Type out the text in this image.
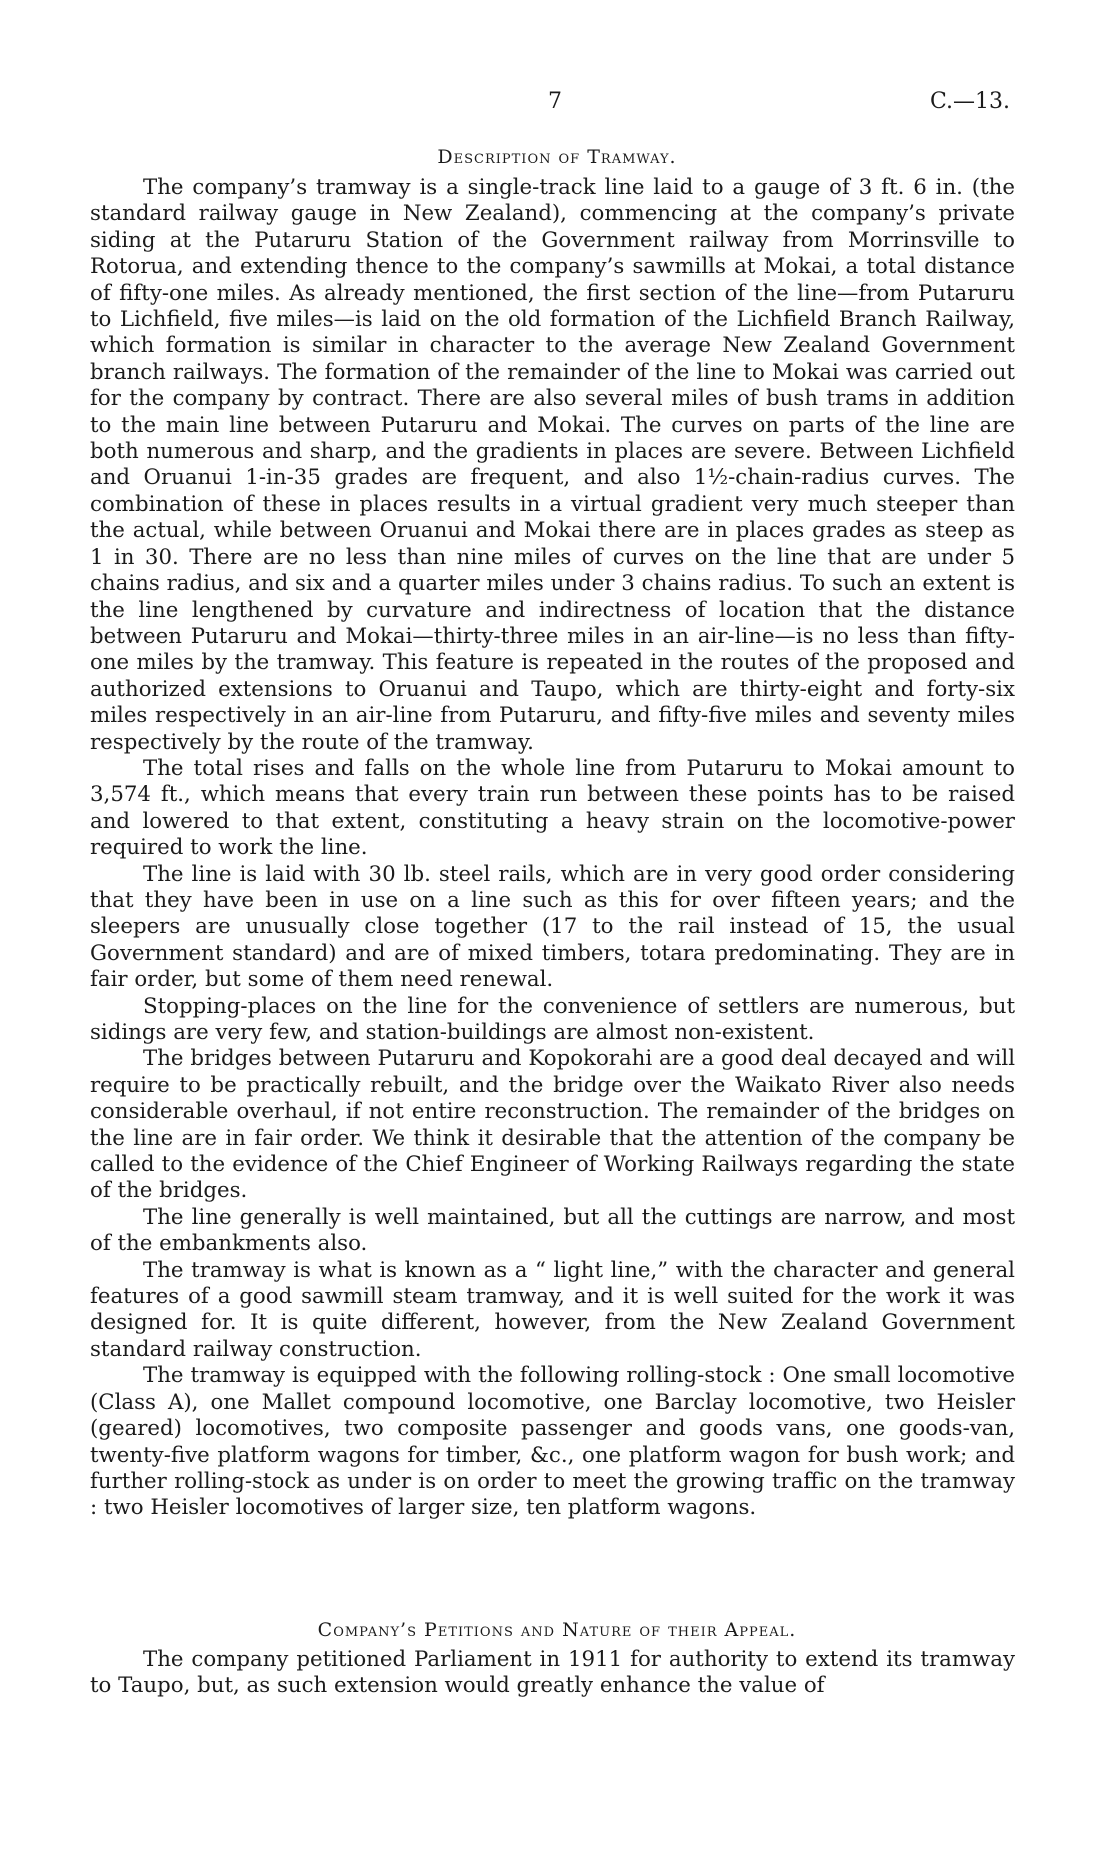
7	C.—13.
Description of Tramway.

The company’s tramway is a single-track line laid to a gauge of 3 ft. 6 in. (the standard railway gauge in New Zealand), commencing at the company’s private siding at the Putaruru Station of the Government railway from Morrinsville to Rotorua, and extending thence to the company’s sawmills at Mokai, a total distance of fifty-one miles. As already mentioned, the first section of the line—from Putaruru to Lichfield, five miles—is laid on the old formation of the Lichfield Branch Railway, which formation is similar in character to the average New Zealand Government branch railways. The formation of the remainder of the line to Mokai was carried out for the company by contract. There are also several miles of bush trams in addition to the main line between Putaruru and Mokai. The curves on parts of the line are both numerous and sharp, and the gradients in places are severe. Between Lichfield and Oruanui 1-in-35 grades are frequent, and also 1½-chain-radius curves. The combination of these in places results in a virtual gradient very much steeper than the actual, while between Oruanui and Mokai there are in places grades as steep as 1 in 30. There are no less than nine miles of curves on the line that are under 5 chains radius, and six and a quarter miles under 3 chains radius. To such an extent is the line lengthened by curvature and indirectness of location that the distance between Putaruru and Mokai—thirty-three miles in an air-line—is no less than fifty-one miles by the tramway. This feature is repeated in the routes of the proposed and authorized extensions to Oruanui and Taupo, which are thirty-eight and forty-six miles respectively in an air-line from Putaruru, and fifty-five miles and seventy miles respectively by the route of the tramway.

The total rises and falls on the whole line from Putaruru to Mokai amount to 3,574 ft., which means that every train run between these points has to be raised and lowered to that extent, constituting a heavy strain on the locomotive-power required to work the line.

The line is laid with 30 lb. steel rails, which are in very good order considering that they have been in use on a line such as this for over fifteen years; and the sleepers are unusually close together (17 to the rail instead of 15, the usual Government standard) and are of mixed timbers, totara predominating. They are in fair order, but some of them need renewal.

Stopping-places on the line for the convenience of settlers are numerous, but sidings are very few, and station-buildings are almost non-existent.

The bridges between Putaruru and Kopokorahi are a good deal decayed and will require to be practically rebuilt, and the bridge over the Waikato River also needs considerable overhaul, if not entire reconstruction. The remainder of the bridges on the line are in fair order. We think it desirable that the attention of the company be called to the evidence of the Chief Engineer of Working Railways regarding the state of the bridges.

The line generally is well maintained, but all the cuttings are narrow, and most of the embankments also.

The tramway is what is known as a “ light line,” with the character and general features of a good sawmill steam tramway, and it is well suited for the work it was designed for. It is quite different, however, from the New Zealand Government standard railway construction.

The tramway is equipped with the following rolling-stock : One small locomotive (Class A), one Mallet compound locomotive, one Barclay locomotive, two Heisler (geared) locomotives, two composite passenger and goods vans, one goods-van, twenty-five platform wagons for timber, &c., one platform wagon for bush work; and further rolling-stock as under is on order to meet the growing traffic on the tramway : two Heisler locomotives of larger size, ten platform wagons.

Company’s Petitions and Nature of their Appeal.

The company petitioned Parliament in 1911 for authority to extend its tramway to Taupo, but, as such extension would greatly enhance the value of
